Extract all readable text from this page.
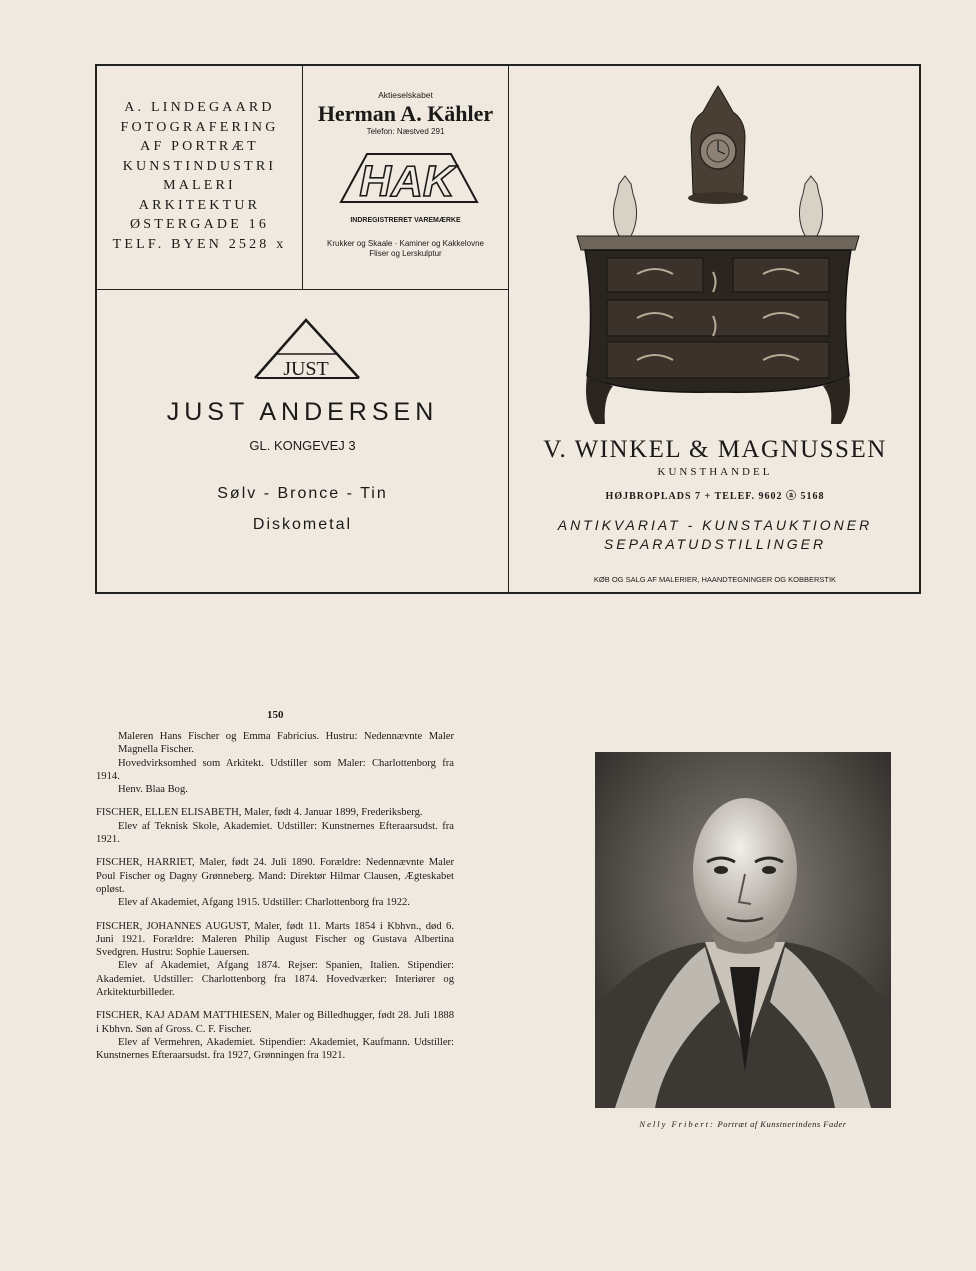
A. LINDEGAARD
FOTOGRAFERING
AF PORTRÆT
KUNSTINDUSTRI
MALERI
ARKITEKTUR
ØSTERGADE 16
TELF. BYEN 2528 x
Aktieselskabet
Herman A. Kähler
Telefon: Næstved 291
HAK
INDREGISTRERET VAREMÆRKE
Krukker og Skaale · Kaminer og Kakkelovne
Fliser og Lerskulptur
JUST
JUST ANDERSEN
GL. KONGEVEJ 3
Sølv - Bronce - Tin
Diskometal
V. WINKEL & MAGNUSSEN
KUNSTHANDEL
HØJBROPLADS 7 + TELEF. 9602 ⓐ 5168
ANTIKVARIAT - KUNSTAUKTIONER
SEPARATUDSTILLINGER
KØB OG SALG AF MALERIER, HAANDTEGNINGER OG KOBBERSTIK
150

Maleren Hans Fischer og Emma Fabricius. Hustru: Nedennævnte Maler Magnella Fischer.

Hovedvirksomhed som Arkitekt. Udstiller som Maler: Charlottenborg fra 1914.

Henv. Blaa Bog.

FISCHER, ELLEN ELISABETH, Maler, født 4. Januar 1899, Frederiksberg.

Elev af Teknisk Skole, Akademiet. Udstiller: Kunstnernes Efteraarsudst. fra 1921.

FISCHER, HARRIET, Maler, født 24. Juli 1890. Forældre: Nedennævnte Maler Poul Fischer og Dagny Grønneberg. Mand: Direktør Hilmar Clausen, Ægteskabet opløst.

Elev af Akademiet, Afgang 1915. Udstiller: Charlottenborg fra 1922.

FISCHER, JOHANNES AUGUST, Maler, født 11. Marts 1854 i Kbhvn., død 6. Juni 1921. Forældre: Maleren Philip August Fischer og Gustava Albertina Svedgren. Hustru: Sophie Lauersen.

Elev af Akademiet, Afgang 1874. Rejser: Spanien, Italien. Stipendier: Akademiet. Udstiller: Charlottenborg fra 1874. Hovedværker: Interiører og Arkitekturbilleder.

FISCHER, KAJ ADAM MATTHIESEN, Maler og Billedhugger, født 28. Juli 1888 i Kbhvn. Søn af Gross. C. F. Fischer.

Elev af Vermehren, Akademiet. Stipendier: Akademiet, Kaufmann. Udstiller: Kunstnernes Efteraarsudst. fra 1927, Grønningen fra 1921.

Nelly Fribert: Portræt af Kunstnerindens Fader
